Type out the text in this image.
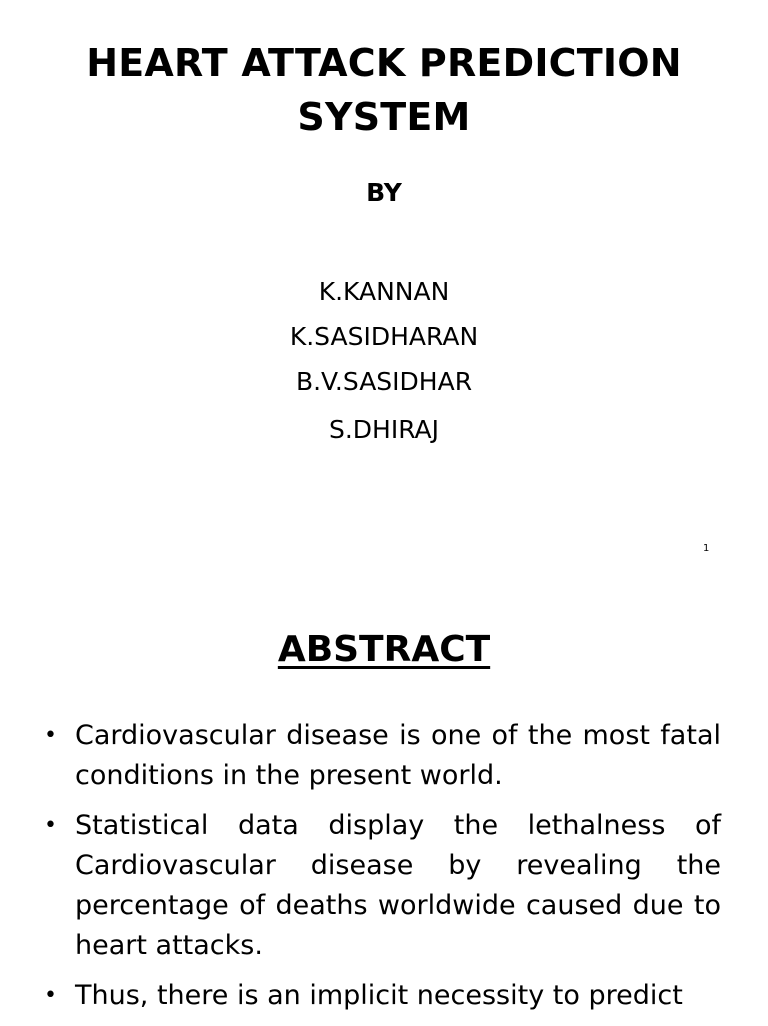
HEART ATTACK PREDICTION
SYSTEM
BY
K.KANNAN
K.SASIDHARAN
B.V.SASIDHAR
S.DHIRAJ
1
ABSTRACT
• Cardiovascular disease is one of the most fatal conditions in the present world.
• Statistical data display the lethalness of Cardiovascular disease by revealing the percentage of deaths worldwide caused due to heart attacks.
• Thus, there is an implicit necessity to predict
